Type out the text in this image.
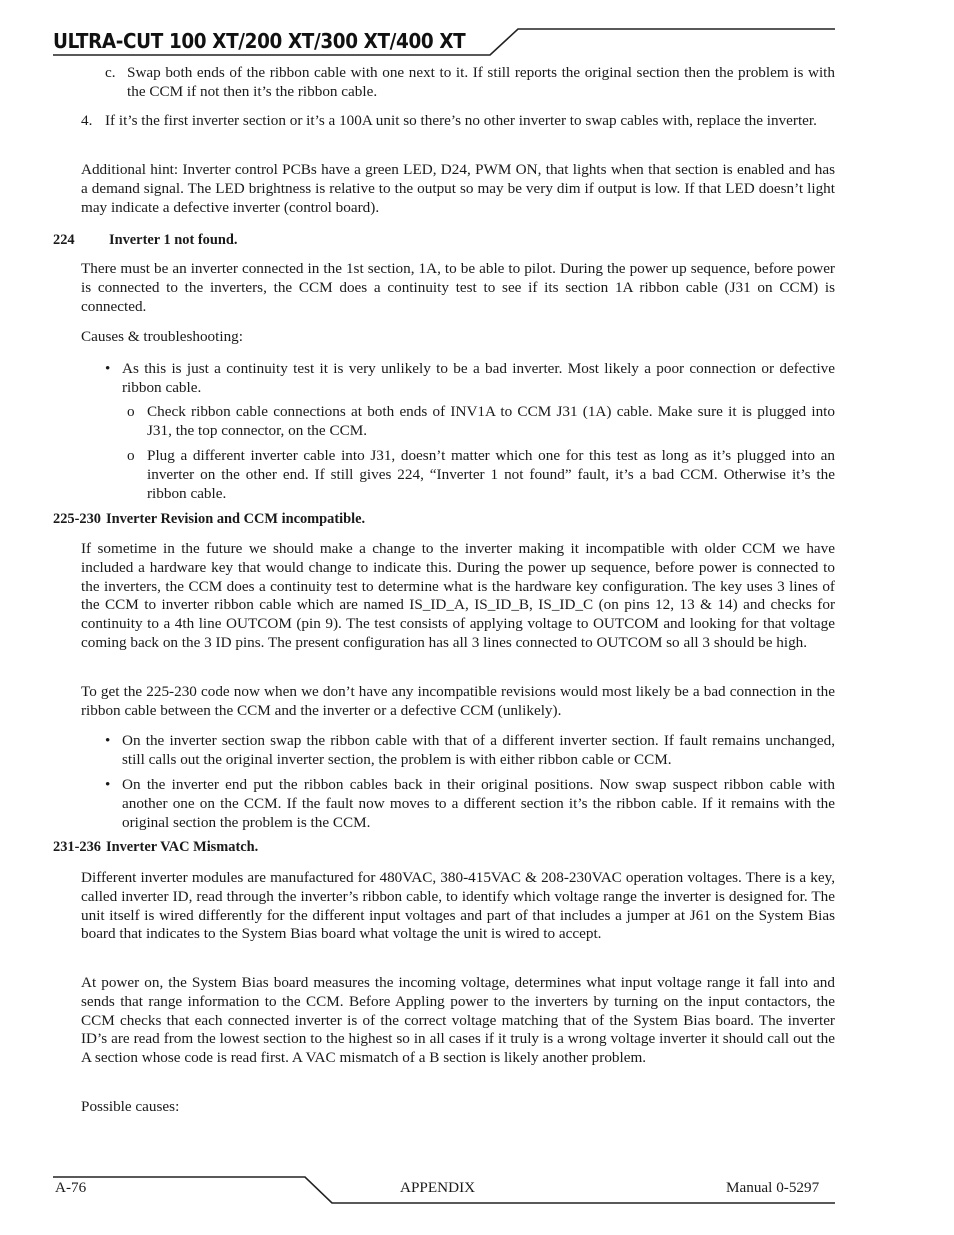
ULTRA-CUT 100 XT/200 XT/300 XT/400 XT
c. Swap both ends of the ribbon cable with one next to it. If still reports the original section then the problem is with the CCM if not then it’s the ribbon cable.
4. If it’s the first inverter section or it’s a 100A unit so there’s no other inverter to swap cables with, replace the inverter.
Additional hint: Inverter control PCBs have a green LED, D24, PWM ON, that lights when that section is enabled and has a demand signal. The LED brightness is relative to the output so may be very dim if output is low. If that LED doesn’t light may indicate a defective inverter (control board).
224 Inverter 1 not found.
There must be an inverter connected in the 1st section, 1A, to be able to pilot. During the power up sequence, before power is connected to the inverters, the CCM does a continuity test to see if its section 1A ribbon cable (J31 on CCM) is connected.
Causes & troubleshooting:
• As this is just a continuity test it is very unlikely to be a bad inverter. Most likely a poor connection or defective ribbon cable.
o Check ribbon cable connections at both ends of INV1A to CCM J31 (1A) cable. Make sure it is plugged into J31, the top connector, on the CCM.
o Plug a different inverter cable into J31, doesn’t matter which one for this test as long as it’s plugged into an inverter on the other end. If still gives 224, “Inverter 1 not found” fault, it’s a bad CCM. Otherwise it’s the ribbon cable.
225-230 Inverter Revision and CCM incompatible.
If sometime in the future we should make a change to the inverter making it incompatible with older CCM we have included a hardware key that would change to indicate this. During the power up sequence, before power is connected to the inverters, the CCM does a continuity test to determine what is the hardware key configuration. The key uses 3 lines of the CCM to inverter ribbon cable which are named IS_ID_A, IS_ID_B, IS_ID_C (on pins 12, 13 & 14) and checks for continuity to a 4th line OUTCOM (pin 9). The test consists of applying voltage to OUTCOM and looking for that voltage coming back on the 3 ID pins. The present configuration has all 3 lines connected to OUTCOM so all 3 should be high.
To get the 225-230 code now when we don’t have any incompatible revisions would most likely be a bad connection in the ribbon cable between the CCM and the inverter or a defective CCM (unlikely).
• On the inverter section swap the ribbon cable with that of a different inverter section. If fault remains unchanged, still calls out the original inverter section, the problem is with either ribbon cable or CCM.
• On the inverter end put the ribbon cables back in their original positions. Now swap suspect ribbon cable with another one on the CCM. If the fault now moves to a different section it’s the ribbon cable. If it remains with the original section the problem is the CCM.
231-236 Inverter VAC Mismatch.
Different inverter modules are manufactured for 480VAC, 380-415VAC & 208-230VAC operation voltages. There is a key, called inverter ID, read through the inverter’s ribbon cable, to identify which voltage range the inverter is designed for. The unit itself is wired differently for the different input voltages and part of that includes a jumper at J61 on the System Bias board that indicates to the System Bias board what voltage the unit is wired to accept.
At power on, the System Bias board measures the incoming voltage, determines what input voltage range it fall into and sends that range information to the CCM. Before Appling power to the inverters by turning on the input contactors, the CCM checks that each connected inverter is of the correct voltage matching that of the System Bias board. The inverter ID’s are read from the lowest section to the highest so in all cases if it truly is a wrong voltage inverter it should call out the A section whose code is read first. A VAC mismatch of a B section is likely another problem.
Possible causes:
A-76	APPENDIX	Manual 0-5297
